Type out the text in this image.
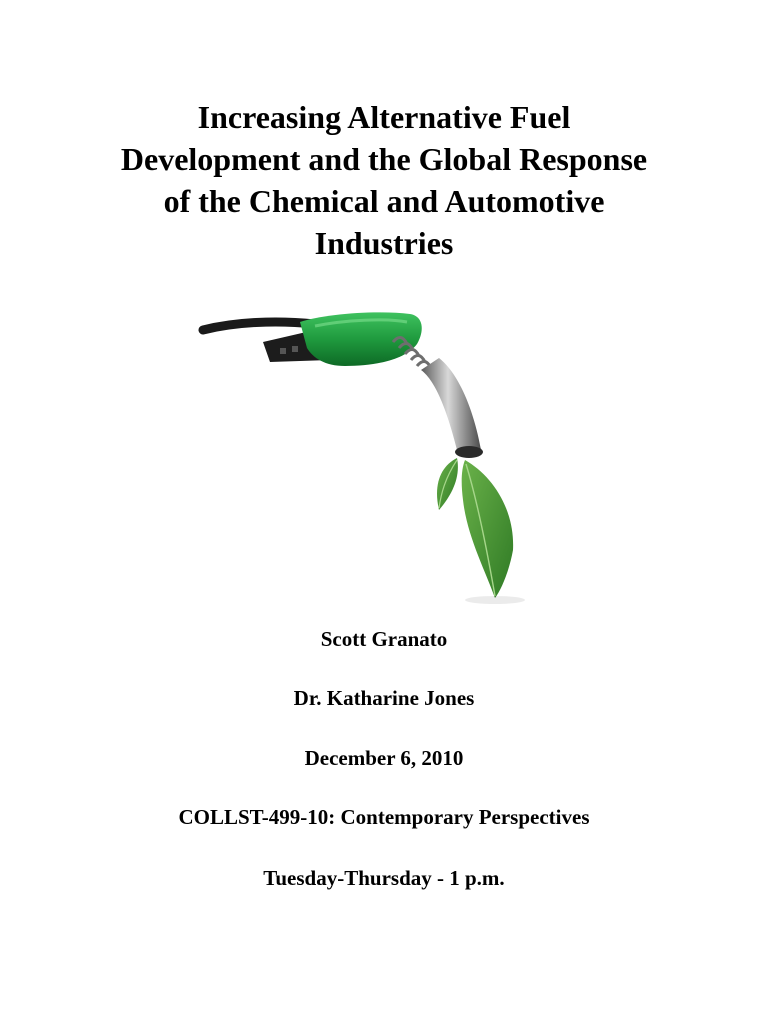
Increasing Alternative Fuel
Development and the Global Response
of the Chemical and Automotive
Industries

Scott Granato

Dr. Katharine Jones

December 6, 2010

COLLST-499-10: Contemporary Perspectives

Tuesday-Thursday - 1 p.m.
